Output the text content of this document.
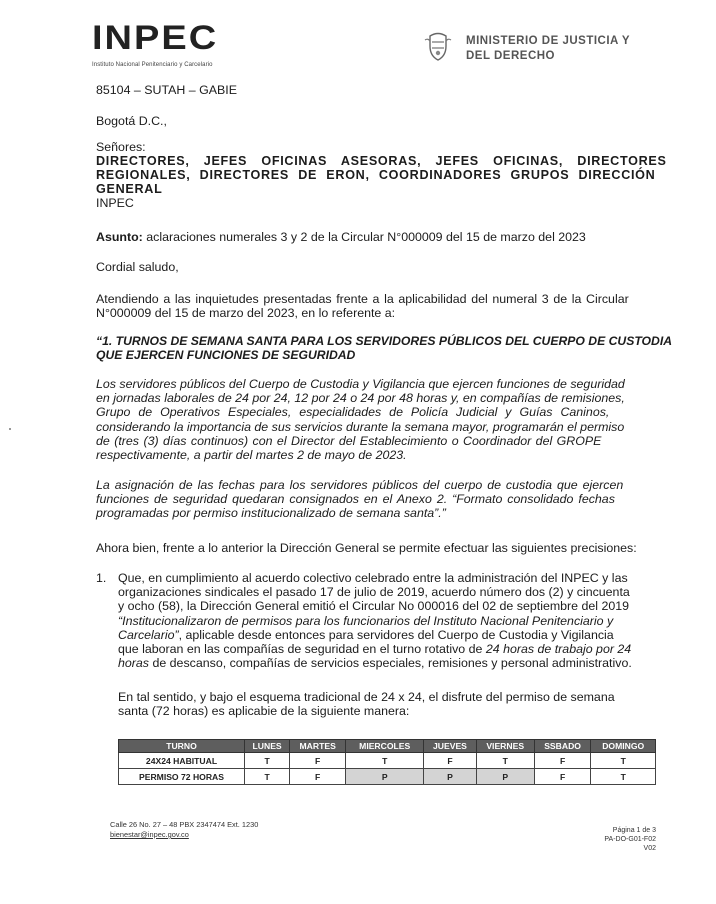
INPEC
Instituto Nacional Penitenciario y Carcelario
MINISTERIO DE JUSTICIA Y
DEL DERECHO
85104 – SUTAH – GABIE
Bogotá D.C.,
Señores:
DIRECTORES, JEFES OFICINAS ASESORAS, JEFES OFICINAS, DIRECTORES
REGIONALES, DIRECTORES DE ERON, COORDINADORES GRUPOS DIRECCIÓN
GENERAL
INPEC
Asunto: aclaraciones numerales 3 y 2 de la Circular N°000009 del 15 de marzo del 2023
Cordial saludo,
Atendiendo a las inquietudes presentadas frente a la aplicabilidad del numeral 3 de la Circular
N°000009 del 15 de marzo del 2023, en lo referente a:
“1. TURNOS DE SEMANA SANTA PARA LOS SERVIDORES PÚBLICOS DEL CUERPO DE CUSTODIA
QUE EJERCEN FUNCIONES DE SEGURIDAD
Los servidores públicos del Cuerpo de Custodia y Vigilancia que ejercen funciones de seguridad
en jornadas laborales de 24 por 24, 12 por 24 o 24 por 48 horas y, en compañías de remisiones,
Grupo de Operativos Especiales, especialidades de Policía Judicial y Guías Caninos,
considerando la importancia de sus servicios durante la semana mayor, programarán el permiso
de (tres (3) días continuos) con el Director del Establecimiento o Coordinador del GROPE
respectivamente, a partir del martes 2 de mayo de 2023.
La asignación de las fechas para los servidores públicos del cuerpo de custodia que ejercen
funciones de seguridad quedaran consignados en el Anexo 2. “Formato consolidado fechas
programadas por permiso institucionalizado de semana santa”.”
Ahora bien, frente a lo anterior la Dirección General se permite efectuar las siguientes precisiones:
1. Que, en cumplimiento al acuerdo colectivo celebrado entre la administración del INPEC y las
organizaciones sindicales el pasado 17 de julio de 2019, acuerdo número dos (2) y cincuenta
y ocho (58), la Dirección General emitió el Circular No 000016 del 02 de septiembre del 2019
“Institucionalizaron de permisos para los funcionarios del Instituto Nacional Penitenciario y
Carcelario”, aplicable desde entonces para servidores del Cuerpo de Custodia y Vigilancia
que laboran en las compañías de seguridad en el turno rotativo de 24 horas de trabajo por 24
horas de descanso, compañías de servicios especiales, remisiones y personal administrativo.
En tal sentido, y bajo el esquema tradicional de 24 x 24, el disfrute del permiso de semana
santa (72 horas) es aplicabie de la siguiente manera:
TURNO	LUNES	MARTES	MIERCOLES	JUEVES	VIERNES	SSBADO	DOMINGO
24X24 HABITUAL	T	F	T	F	T	F	T
PERMISO 72 HORAS	T	F	P	P	P	F	T
Calle 26 No. 27 – 48 PBX 2347474 Ext. 1230
bienestar@inpec.gov.co	Página 1 de 3
PA-DO-G01-F02 V02
